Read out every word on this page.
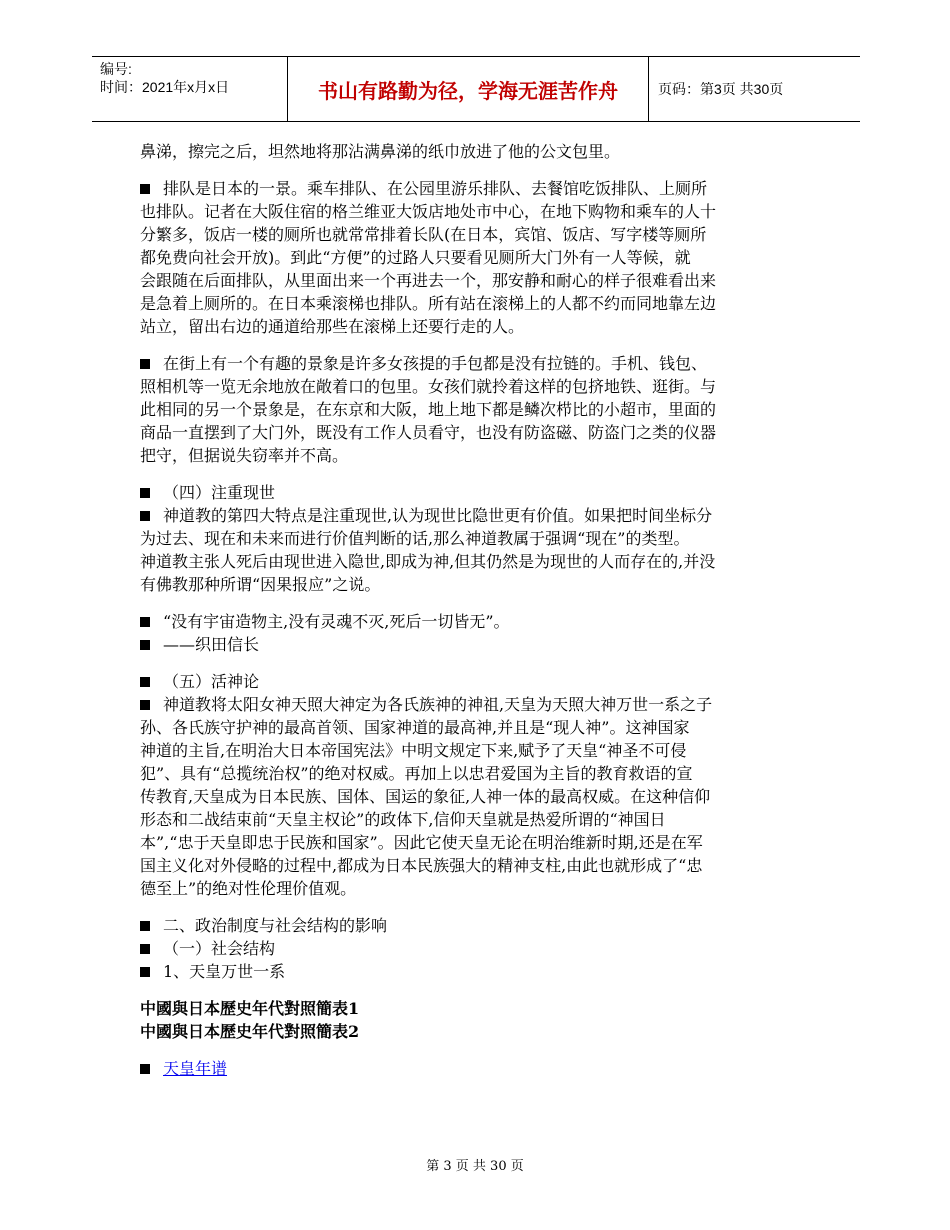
编号:
时间：2021年x月x日	书山有路勤为径，学海无涯苦作舟	页码：第3页 共30页
鼻涕，擦完之后，坦然地将那沾满鼻涕的纸巾放进了他的公文包里。
排队是日本的一景。乘车排队、在公园里游乐排队、去餐馆吃饭排队、上厕所
也排队。记者在大阪住宿的格兰维亚大饭店地处市中心，在地下购物和乘车的人十
分繁多，饭店一楼的厕所也就常常排着长队(在日本，宾馆、饭店、写字楼等厕所
都免费向社会开放)。到此“方便”的过路人只要看见厕所大门外有一人等候，就
会跟随在后面排队，从里面出来一个再进去一个，那安静和耐心的样子很难看出来
是急着上厕所的。在日本乘滚梯也排队。所有站在滚梯上的人都不约而同地靠左边
站立，留出右边的通道给那些在滚梯上还要行走的人。
在街上有一个有趣的景象是许多女孩提的手包都是没有拉链的。手机、钱包、
照相机等一览无余地放在敞着口的包里。女孩们就拎着这样的包挤地铁、逛街。与
此相同的另一个景象是，在东京和大阪，地上地下都是鳞次栉比的小超市，里面的
商品一直摆到了大门外，既没有工作人员看守，也没有防盗磁、防盗门之类的仪器
把守，但据说失窃率并不高。
（四）注重现世
神道教的第四大特点是注重现世,认为现世比隐世更有价值。如果把时间坐标分
为过去、现在和未来而进行价值判断的话,那么神道教属于强调“现在”的类型。
神道教主张人死后由现世进入隐世,即成为神,但其仍然是为现世的人而存在的,并没
有佛教那种所谓“因果报应”之说。
“没有宇宙造物主,没有灵魂不灭,死后一切皆无”。
——织田信长
（五）活神论
神道教将太阳女神天照大神定为各氏族神的神祖,天皇为天照大神万世一系之子
孙、各氏族守护神的最高首领、国家神道的最高神,并且是“现人神”。这神国家
神道的主旨,在明治大日本帝国宪法》中明文规定下来,赋予了天皇“神圣不可侵
犯”、具有“总揽统治权”的绝对权威。再加上以忠君爱国为主旨的教育救语的宣
传教育,天皇成为日本民族、国体、国运的象征,人神一体的最高权威。在这种信仰
形态和二战结束前“天皇主权论”的政体下,信仰天皇就是热爱所谓的“神国日
本”,“忠于天皇即忠于民族和国家”。因此它使天皇无论在明治维新时期,还是在军
国主义化对外侵略的过程中,都成为日本民族强大的精神支柱,由此也就形成了“忠
德至上”的绝对性伦理价值观。
二、政治制度与社会结构的影响
（一）社会结构
1、天皇万世一系
中國與日本歷史年代對照簡表1
中國與日本歷史年代對照簡表2
天皇年谱
第 3 页 共 30 页
